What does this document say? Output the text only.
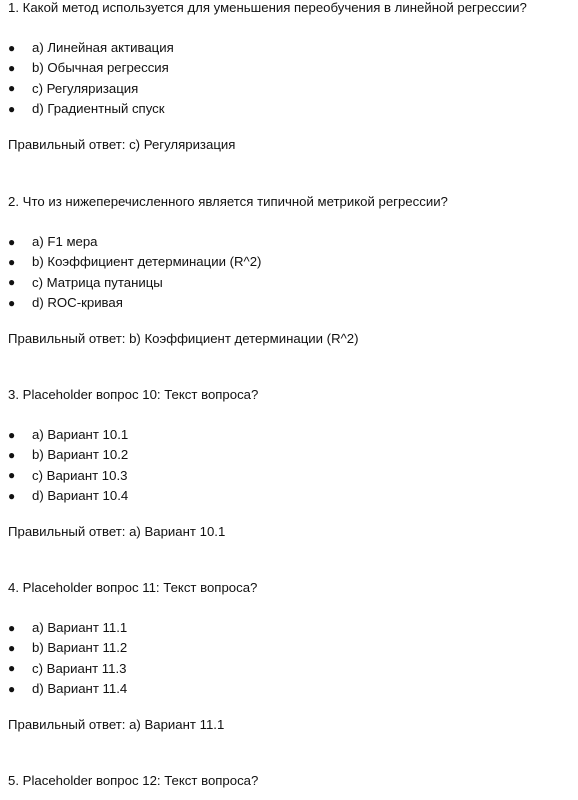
1. Какой метод используется для уменьшения переобучения в линейной регрессии?

●	a) Линейная активация
●	b) Обычная регрессия
●	c) Регуляризация
●	d) Градиентный спуск

Правильный ответ: c) Регуляризация

2. Что из нижеперечисленного является типичной метрикой регрессии?

●	a) F1 мера
●	b) Коэффициент детерминации (R^2)
●	c) Матрица путаницы
●	d) ROC-кривая

Правильный ответ: b) Коэффициент детерминации (R^2)

3. Placeholder вопрос 10: Текст вопроса?

●	a) Вариант 10.1
●	b) Вариант 10.2
●	c) Вариант 10.3
●	d) Вариант 10.4

Правильный ответ: a) Вариант 10.1

4. Placeholder вопрос 11: Текст вопроса?

●	a) Вариант 11.1
●	b) Вариант 11.2
●	c) Вариант 11.3
●	d) Вариант 11.4

Правильный ответ: a) Вариант 11.1

5. Placeholder вопрос 12: Текст вопроса?
